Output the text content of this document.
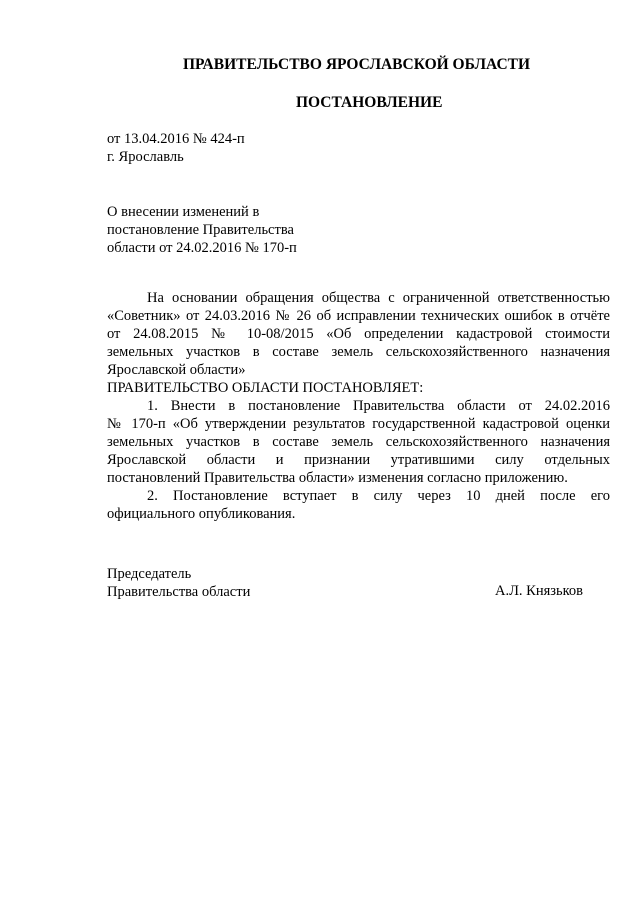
ПРАВИТЕЛЬСТВО ЯРОСЛАВСКОЙ ОБЛАСТИ
ПОСТАНОВЛЕНИЕ
от 13.04.2016 № 424-п
г. Ярославль
О внесении изменений в
постановление Правительства
области от 24.02.2016 № 170-п
На основании обращения общества с ограниченной ответственностью
«Советник» от 24.03.2016 № 26 об исправлении технических ошибок в отчёте
от 24.08.2015 № 10-08/2015 «Об определении кадастровой стоимости
земельных участков в составе земель сельскохозяйственного назначения
Ярославской области»
ПРАВИТЕЛЬСТВО ОБЛАСТИ ПОСТАНОВЛЯЕТ:
1. Внести в постановление Правительства области от 24.02.2016
№ 170-п «Об утверждении результатов государственной кадастровой оценки
земельных участков в составе земель сельскохозяйственного назначения
Ярославской области и признании утратившими силу отдельных
постановлений Правительства области» изменения согласно приложению.
2. Постановление вступает в силу через 10 дней после его
официального опубликования.
Председатель
Правительства области	А.Л. Князьков
